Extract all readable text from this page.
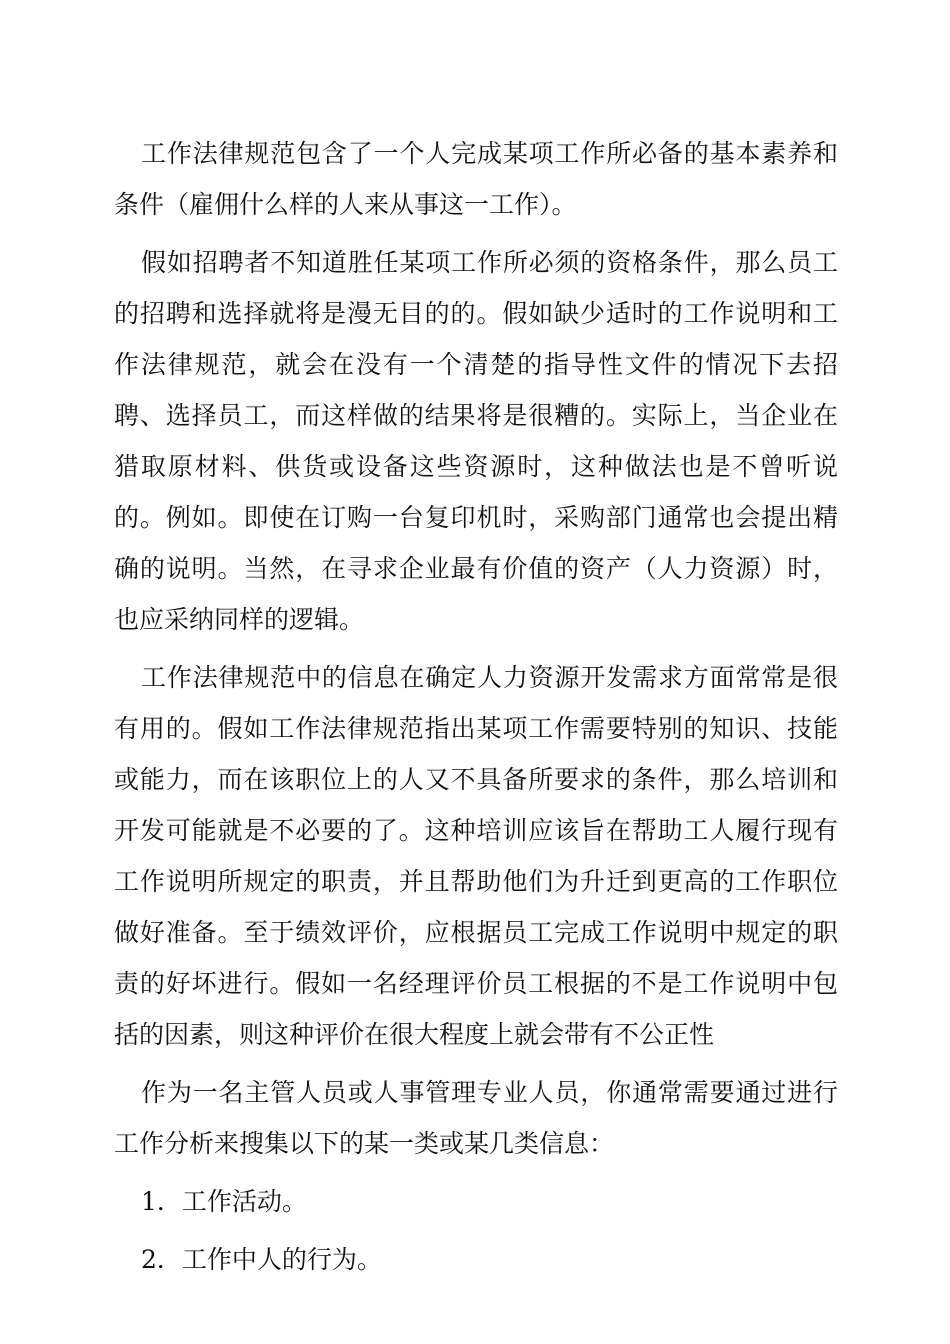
工作法律规范包含了一个人完成某项工作所必备的基本素养和条件（雇佣什么样的人来从事这一工作）。

假如招聘者不知道胜任某项工作所必须的资格条件，那么员工的招聘和选择就将是漫无目的的。假如缺少适时的工作说明和工作法律规范，就会在没有一个清楚的指导性文件的情况下去招聘、选择员工，而这样做的结果将是很糟的。实际上，当企业在猎取原材料、供货或设备这些资源时，这种做法也是不曾听说的。例如。即使在订购一台复印机时，采购部门通常也会提出精确的说明。当然，在寻求企业最有价值的资产（人力资源）时，也应采纳同样的逻辑。

工作法律规范中的信息在确定人力资源开发需求方面常常是很有用的。假如工作法律规范指出某项工作需要特别的知识、技能或能力，而在该职位上的人又不具备所要求的条件，那么培训和开发可能就是不必要的了。这种培训应该旨在帮助工人履行现有工作说明所规定的职责，并且帮助他们为升迁到更高的工作职位做好准备。至于绩效评价，应根据员工完成工作说明中规定的职责的好坏进行。假如一名经理评价员工根据的不是工作说明中包括的因素，则这种评价在很大程度上就会带有不公正性

作为一名主管人员或人事管理专业人员，你通常需要通过进行工作分析来搜集以下的某一类或某几类信息：

1．工作活动。
2．工作中人的行为。
